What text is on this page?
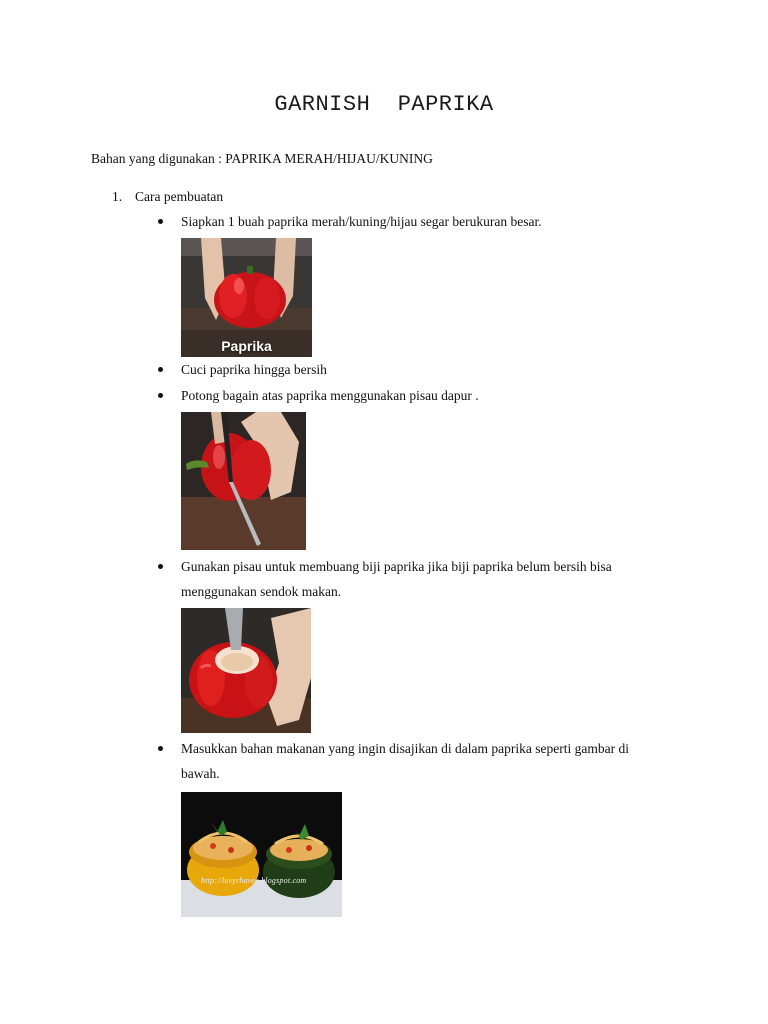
GARNISH  PAPRIKA
Bahan yang digunakan : PAPRIKA MERAH/HIJAU/KUNING
1. Cara pembuatan
Siapkan 1 buah paprika merah/kuning/hijau segar berukuran besar.
Paprika
Cuci paprika hingga bersih
Potong bagain atas paprika menggunakan pisau dapur .
Gunakan pisau untuk membuang biji paprika jika biji paprika belum bersih bisa
menggunakan sendok makan.
Masukkan bahan makanan yang ingin disajikan di dalam paprika seperti gambar di
bawah.
http://luvyrhavee.blogspot.com
